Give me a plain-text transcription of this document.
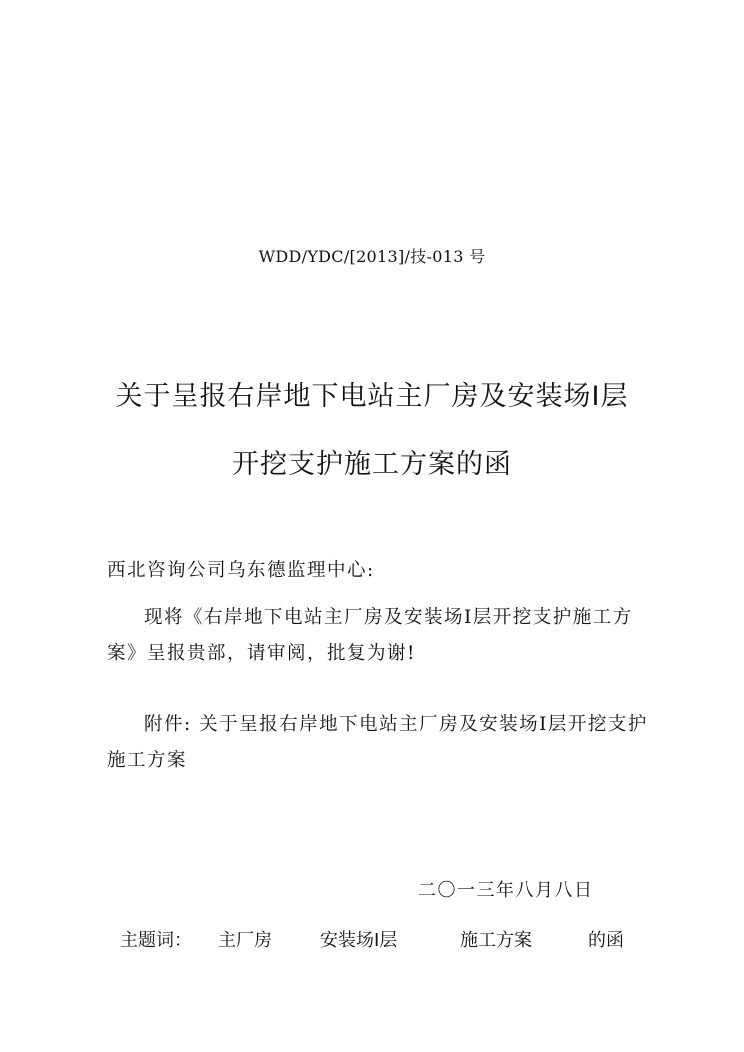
WDD/YDC/[2013]/技-013 号
关于呈报右岸地下电站主厂房及安装场Ⅰ层
开挖支护施工方案的函
西北咨询公司乌东德监理中心:
现将《右岸地下电站主厂房及安装场Ⅰ层开挖支护施工方案》呈报贵部，请审阅，批复为谢!
附件: 关于呈报右岸地下电站主厂房及安装场Ⅰ层开挖支护施工方案
二〇一三年八月八日
主题词：	主厂房	安装场Ⅰ层	施工方案	的函
